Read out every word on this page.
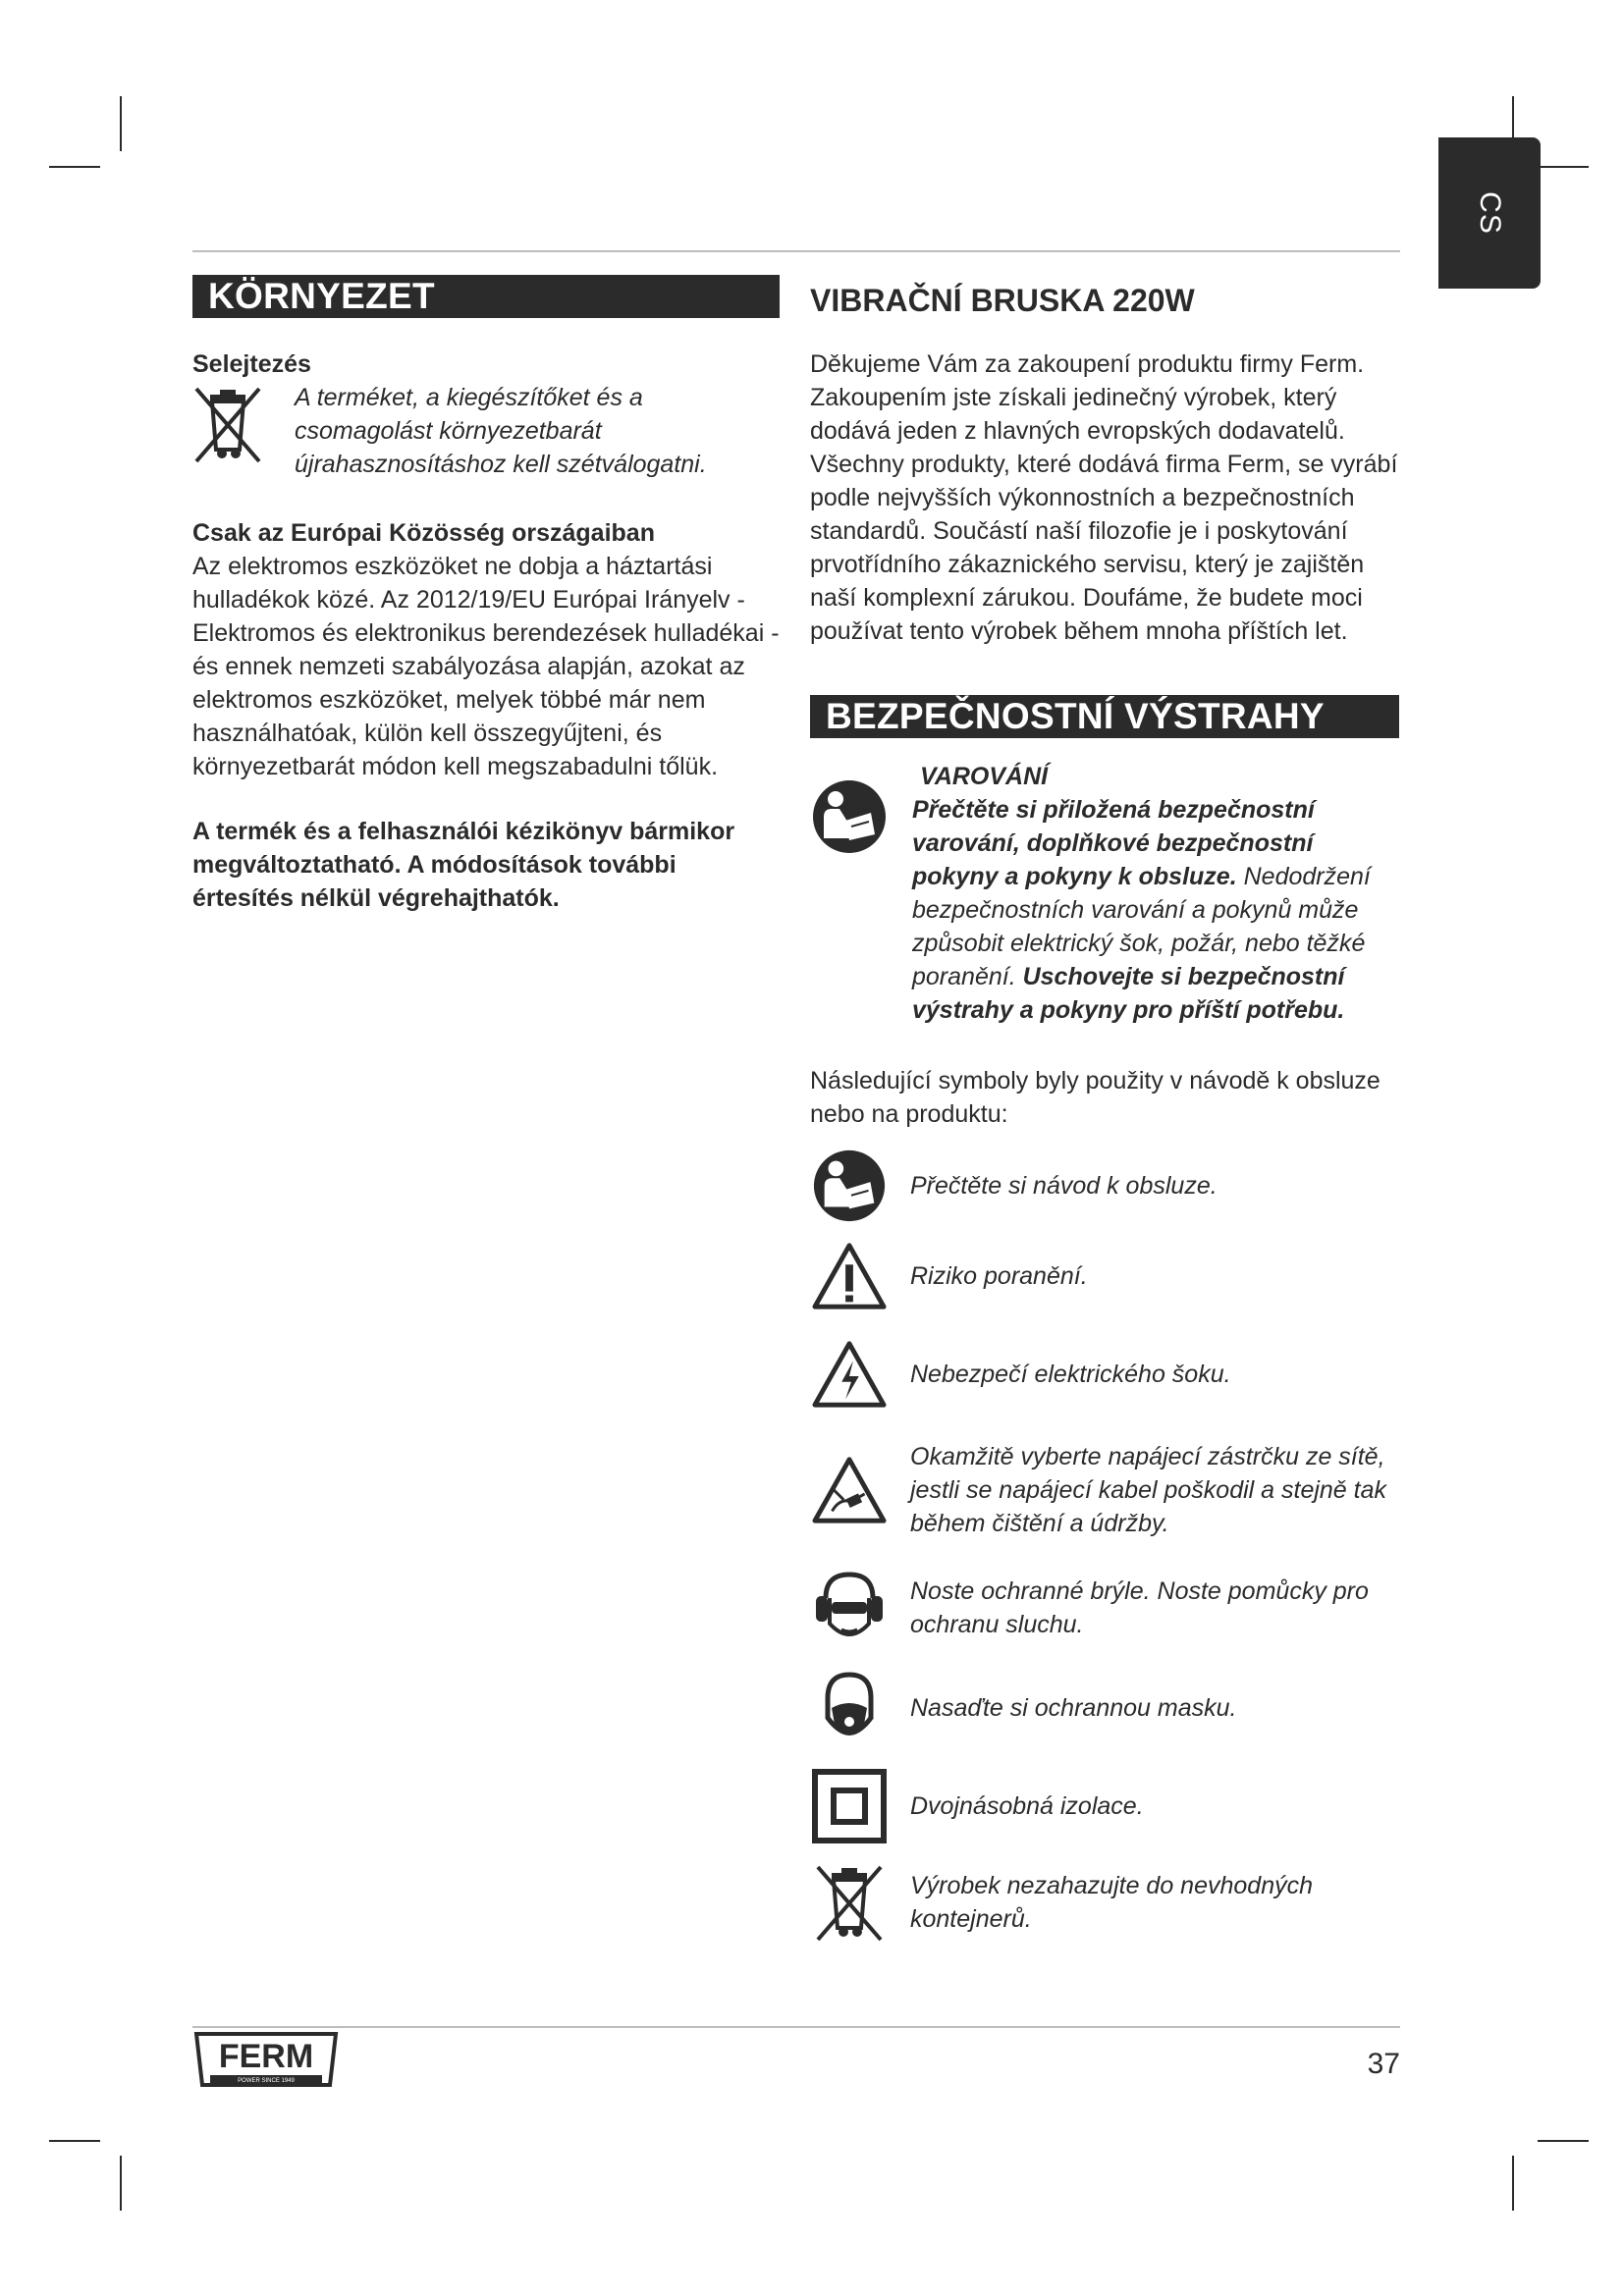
CS
KÖRNYEZET

Selejtezés

A terméket, a kiegészítőket és a csomagolást környezetbarát újrahasznosításhoz kell szétválogatni.

Csak az Európai Közösség országaiban

Az elektromos eszközöket ne dobja a háztartási hulladékok közé. Az 2012/19/EU Európai Irányelv - Elektromos és elektronikus berendezések hulladékai - és ennek nemzeti szabályozása alapján, azokat az elektromos eszközöket, melyek többé már nem használhatóak, külön kell összegyűjteni, és környezetbarát módon kell megszabadulni tőlük.

A termék és a felhasználói kézikönyv bármikor megváltoztatható. A módosítások további értesítés nélkül végrehajthatók.

VIBRAČNÍ BRUSKA 220W

Děkujeme Vám za zakoupení produktu firmy Ferm. Zakoupením jste získali jedinečný výrobek, který dodává jeden z hlavných evropských dodavatelů. Všechny produkty, které dodává firma Ferm, se vyrábí podle nejvyšších výkonnostních a bezpečnostních standardů. Součástí naší filozofie je i poskytování prvotřídního zákaznického servisu, který je zajištěn naší komplexní zárukou. Doufáme, že budete moci používat tento výrobek během mnoha příštích let.

BEZPEČNOSTNÍ VÝSTRAHY

VAROVÁNÍ

Přečtěte si přiložená bezpečnostní varování, doplňkové bezpečnostní pokyny a pokyny k obsluze. Nedodržení bezpečnostních varování a pokynů může způsobit elektrický šok, požár, nebo těžké poranění. Uschovejte si bezpečnostní výstrahy a pokyny pro příští potřebu.

Následující symboly byly použity v návodě k obsluze nebo na produktu:

Přečtěte si návod k obsluze.

Riziko poranění.

Nebezpečí elektrického šoku.

Okamžitě vyberte napájecí zástrčku ze sítě, jestli se napájecí kabel poškodil a stejně tak během čištění a údržby.

Noste ochranné brýle. Noste pomůcky pro ochranu sluchu.

Nasaďte si ochrannou masku.

Dvojnásobná izolace.

Výrobek nezahazujte do nevhodných kontejnerů.

FERM
POWER SINCE 1949
37
